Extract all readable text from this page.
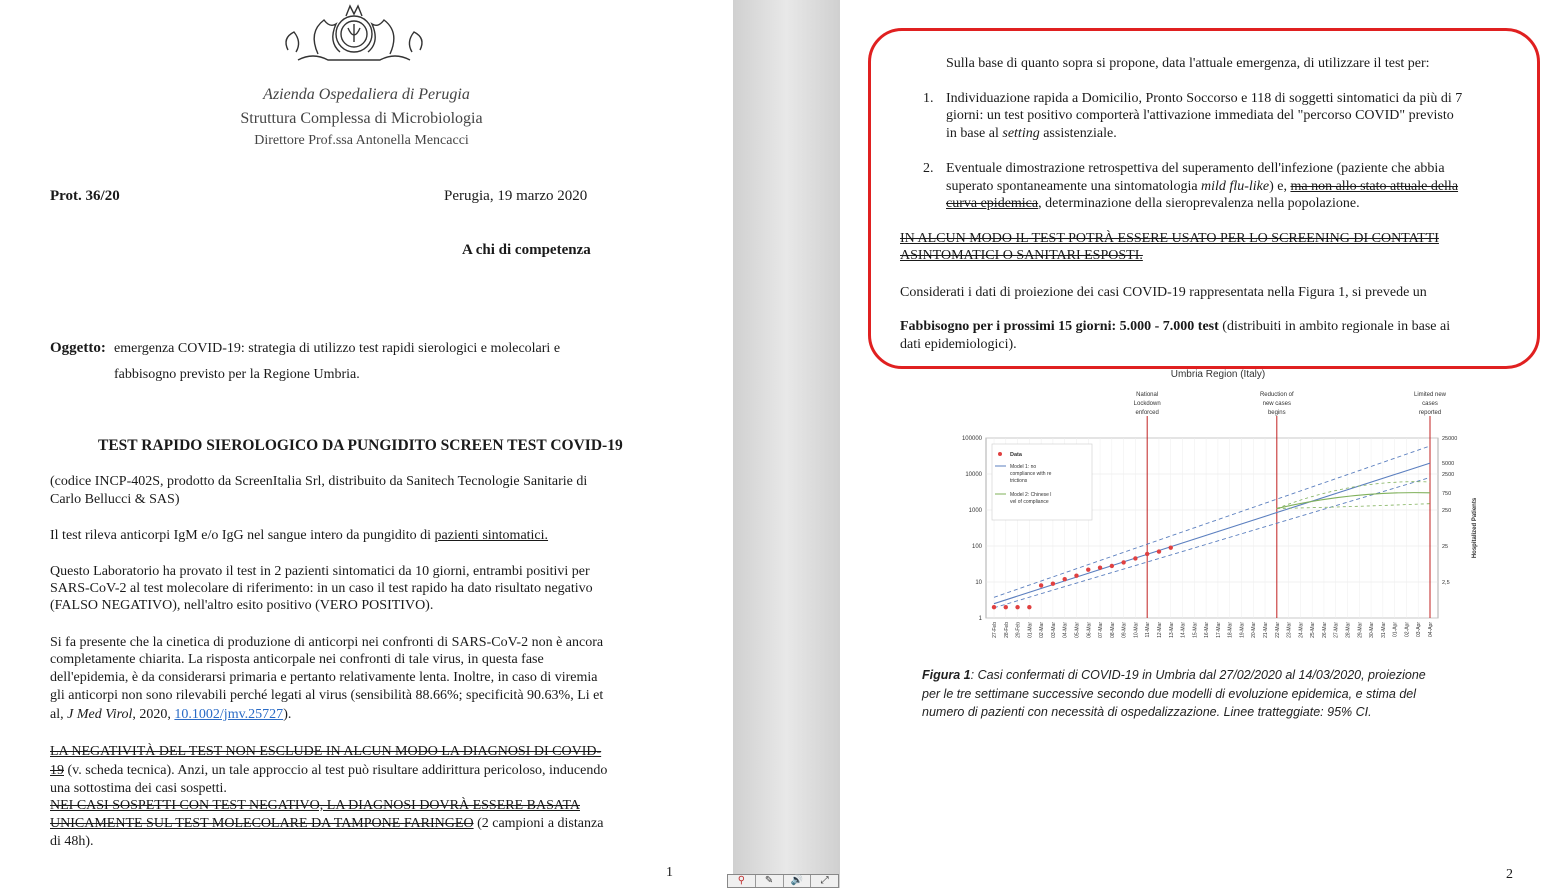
Azienda Ospedaliera di Perugia
Struttura Complessa di Microbiologia
Direttore Prof.ssa Antonella Mencacci
Prot. 36/20	Perugia, 19 marzo 2020
A chi di competenza
Oggetto: emergenza COVID-19: strategia di utilizzo test rapidi sierologici e molecolari e
fabbisogno previsto per la Regione Umbria.
TEST RAPIDO SIEROLOGICO DA PUNGIDITO SCREEN TEST COVID-19
(codice INCP-402S, prodotto da ScreenItalia Srl, distribuito da Sanitech Tecnologie Sanitarie di
Carlo Bellucci & SAS)
Il test rileva anticorpi IgM e/o IgG nel sangue intero da pungidito di pazienti sintomatici.
Questo Laboratorio ha provato il test in 2 pazienti sintomatici da 10 giorni, entrambi positivi per
SARS-CoV-2 al test molecolare di riferimento: in un caso il test rapido ha dato risultato negativo
(FALSO NEGATIVO), nell'altro esito positivo (VERO POSITIVO).
Si fa presente che la cinetica di produzione di anticorpi nei confronti di SARS-CoV-2 non è ancora
completamente chiarita. La risposta anticorpale nei confronti di tale virus, in questa fase
dell'epidemia, è da considerarsi primaria e pertanto relativamente lenta. Inoltre, in caso di viremia
gli anticorpi non sono rilevabili perché legati al virus (sensibilità 88.66%; specificità 90.63%, Li et
al, J Med Virol, 2020, 10.1002/jmv.25727).
LA NEGATIVITÀ DEL TEST NON ESCLUDE IN ALCUN MODO LA DIAGNOSI DI COVID-
19 (v. scheda tecnica). Anzi, un tale approccio al test può risultare addirittura pericoloso, inducendo
una sottostima dei casi sospetti.
NEI CASI SOSPETTI CON TEST NEGATIVO, LA DIAGNOSI DOVRÀ ESSERE BASATA
UNICAMENTE SUL TEST MOLECOLARE DA TAMPONE FARINGEO (2 campioni a distanza
di 48h).
1
Sulla base di quanto sopra si propone, data l'attuale emergenza, di utilizzare il test per:
1. Individuazione rapida a Domicilio, Pronto Soccorso e 118 di soggetti sintomatici da più di 7
giorni: un test positivo comporterà l'attivazione immediata del "percorso COVID" previsto
in base al setting assistenziale.
2. Eventuale dimostrazione retrospettiva del superamento dell'infezione (paziente che abbia
superato spontaneamente una sintomatologia mild flu-like) e, ma non allo stato attuale della
curva epidemica, determinazione della sieroprevalenza nella popolazione.
IN ALCUN MODO IL TEST POTRÀ ESSERE USATO PER LO SCREENING DI CONTATTI
ASINTOMATICI O SANITARI ESPOSTI.
Considerati i dati di proiezione dei casi COVID-19 rappresentata nella Figura 1, si prevede un
Fabbisogno per i prossimi 15 giorni: 5.000 - 7.000 test (distribuiti in ambito regionale in base ai
dati epidemiologici).
Umbria Region (Italy)
100000
10000
1000
100
10
1
25000
5000
2500
750
250
25
2,5
Hospitalized Patients
27-Feb 28-Feb 29-Feb 01-Mar 02-Mar 03-Mar 04-Mar 05-Mar 06-Mar 07-Mar 08-Mar 09-Mar 10-Mar 11-Mar 12-Mar 13-Mar 14-Mar 15-Mar 16-Mar 17-Mar 18-Mar 19-Mar 20-Mar 21-Mar 22-Mar 23-Mar 24-Mar 25-Mar 26-Mar 27-Mar 28-Mar 29-Mar 30-Mar 31-Mar 01-Apr 02-Apr 03-Apr 04-Apr
National
Lockdown
enforced
Reduction of
new cases
begins
Limited new
cases
reported
Data
Model 1: no
compliance with re
trictions
Model 2: Chinese l
vel of compliance
Figura 1: Casi confermati di COVID-19 in Umbria dal 27/02/2020 al 14/03/2020, proiezione
per le tre settimane successive secondo due modelli di evoluzione epidemica, e stima del
numero di pazienti con necessità di ospedalizzazione. Linee tratteggiate: 95% CI.
2
⚲	✎	🔊	⤢
